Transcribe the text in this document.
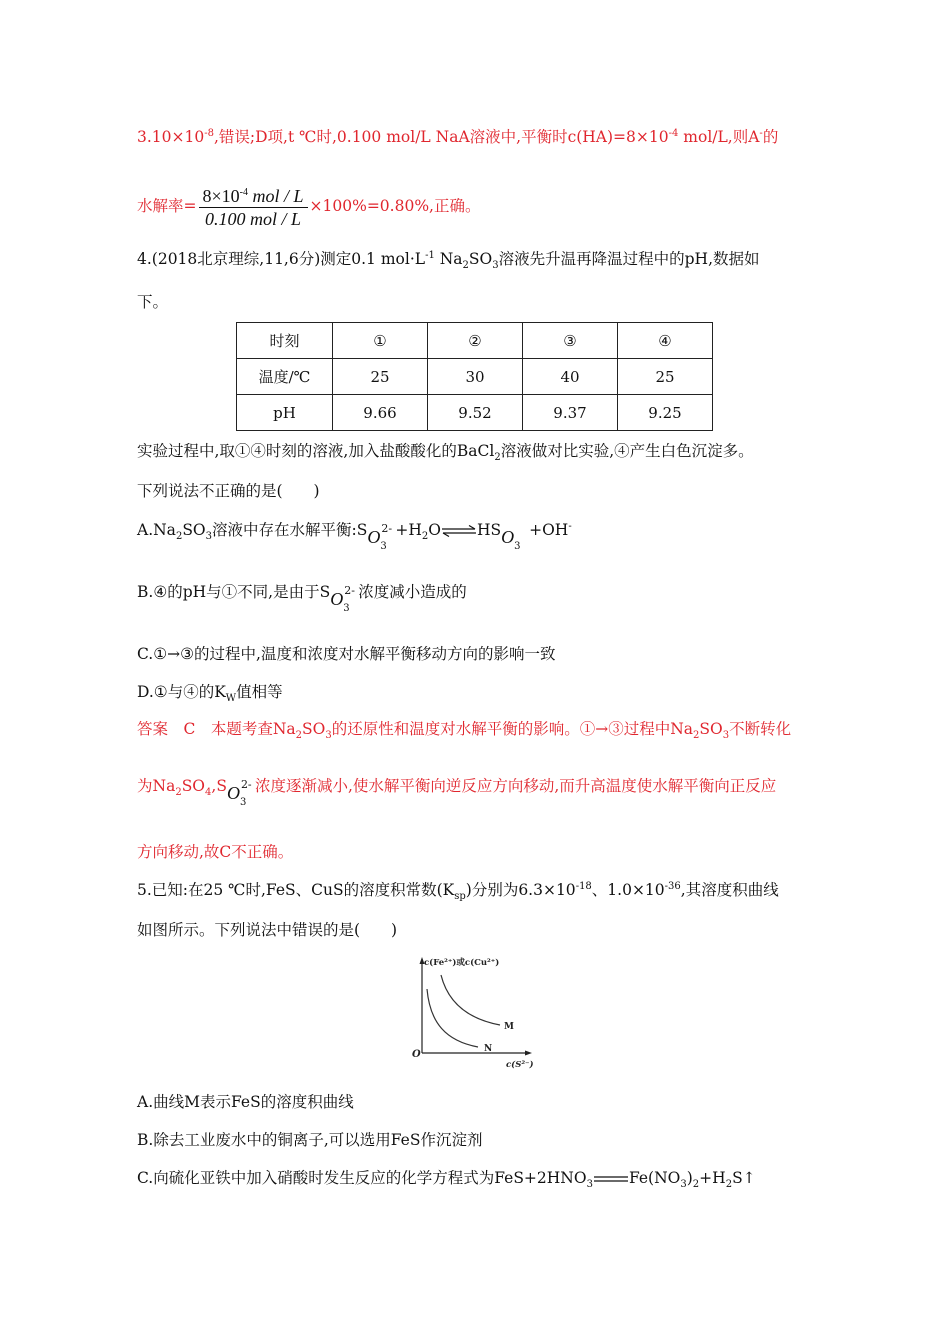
$3.10\times 10^{-8}$,错误;D项,t ℃时,0.100 mol/L NaA溶液中,平衡时$c(HA)=8\times 10^{-4}$ mol/L,则A-的
水解率= $\frac{8\times 10^{-4} mol / L}{\text{0.100 mol / L}} \times 100\%=0.80\%$,正确。
4.(2018北京理综,11,6分)测定0.1 $mol\cdot L^{-1}$ $Na_2SO_3$溶液先升温再降温过程中的pH,数据如
下。
时刻	①	②	③	④
温度/℃	25	30	40	25
pH	9.66	9.52	9.37	9.25
实验过程中,取①④时刻的溶液,加入盐酸酸化的BaCl$_2$溶液做对比实验,④产生白色沉淀多。
下列说法不正确的是(　　)
$A.Na_2SO_3$溶液中存在水解平衡:S O 3
$2- +H_2O\rightleftharpoons HS$ O 3
+OH-
B.④的pH与①不同,是由于S O 3
2- 浓度减小造成的
C.①→③的过程中,温度和浓度对水解平衡移动方向的影响一致
D.①与④的$K_W$值相等
答案　C　本题考查$Na_2SO_3$的还原性和温度对水解平衡的影响。①→③过程中$Na_2SO_3$不断转化
为$Na_2SO_4,S$ O 3
2- 浓度逐渐减小,使水解平衡向逆反应方向移动,而升高温度使水解平衡向正反应
方向移动,故C不正确。
5.已知:在25 ℃时,FeS、CuS的溶度积常数$(K_{sp})$分别为$6.3\times 10^{-18}$、$1.0\times 10^{-36}$,其溶度积曲线
如图所示。下列说法中错误的是(　　)
c(Fe²⁺)或c(Cu²⁺)
c(S²⁻)
O
M
N
A.曲线M表示FeS的溶度积曲线
B.除去工业废水中的铜离子,可以选用FeS作沉淀剂
C.向硫化亚铁中加入硝酸时发生反应的化学方程式为$FeS+2HNO_3$ $Fe(NO_3)_2+H_2S↑$
